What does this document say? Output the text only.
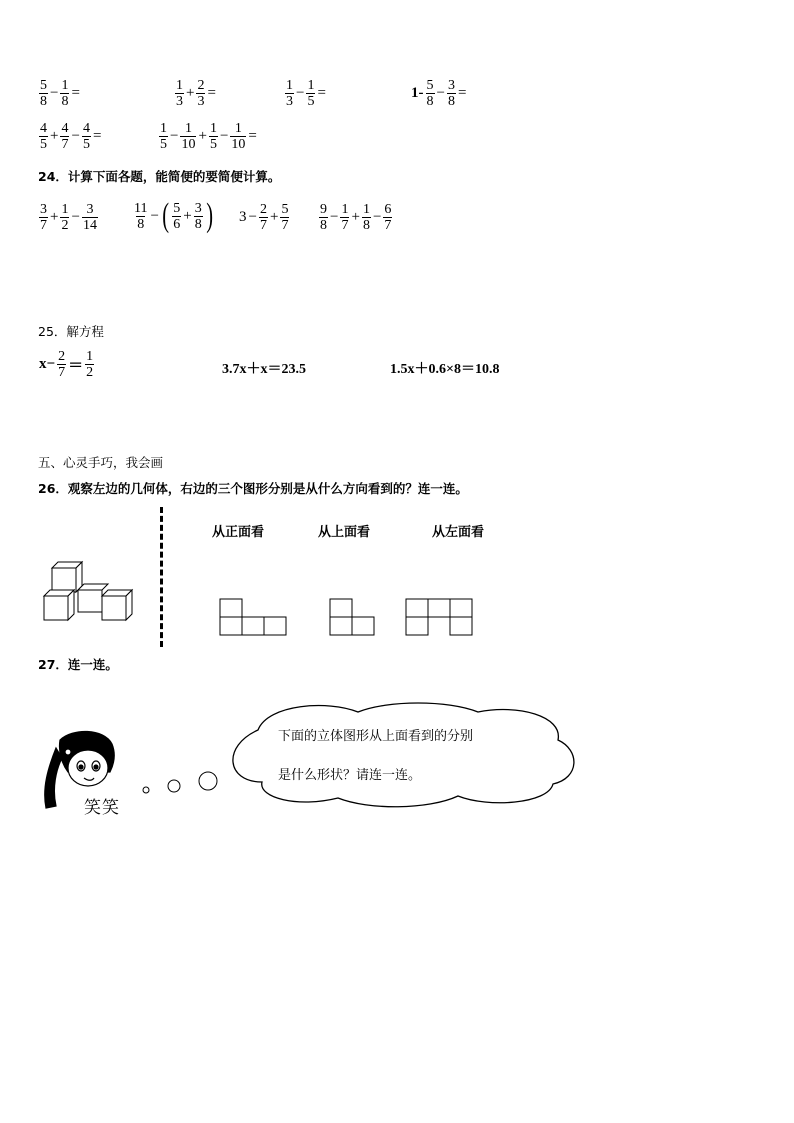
$\frac{5}{8} - \frac{1}{8}$ =	$\frac{1}{3} + \frac{2}{3}$ =	$\frac{1}{3} - \frac{1}{5}$ =	$1- \frac{5}{8} - \frac{3}{8}$ =
$\frac{4}{5} + \frac{4}{7} - \frac{4}{5}$ =	$\frac{1}{5} - \frac{1}{10} + \frac{1}{5} - \frac{1}{10}$ =
24．计算下面各题，能简便的要简便计算。
$\frac{3}{7} + \frac{1}{2} - \frac{3}{14}$	$\frac{11}{8}$ − ( $\frac{5}{6} + \frac{3}{8}$ ) $3 - \frac{2}{7} + \frac{5}{7} \frac{9}{8} - \frac{1}{7} + \frac{1}{8} - \frac{6}{7}$
25．解方程
$x- \frac{2}{7} = \frac{1}{2}$	3.7x＋x＝23.5	1.5x＋0.6×8＝10.8
五、心灵手巧，我会画
26．观察左边的几何体，右边的三个图形分别是从什么方向看到的？连一连。
从正面看	从上面看	从左面看
27．连一连。
笑笑
下面的立体图形从上面看到的分别
是什么形状？请连一连。
